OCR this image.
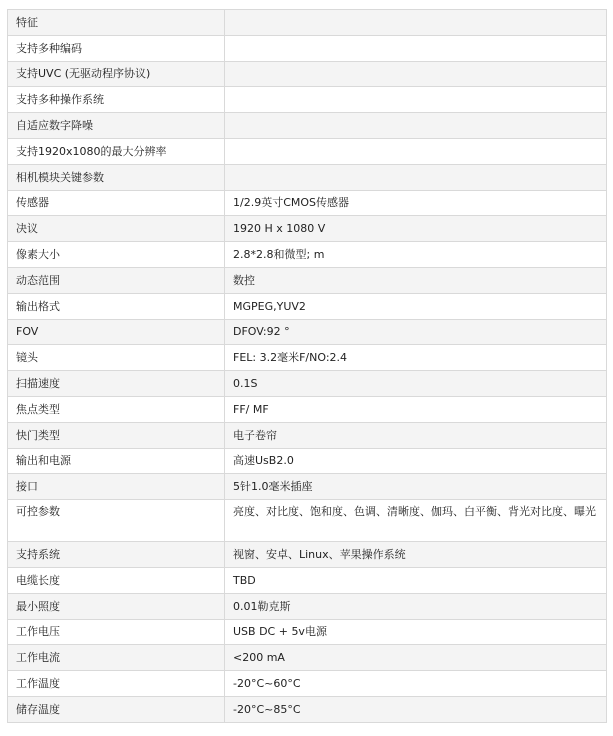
特征	
支持多种编码	
支持UVC (无驱动程序协议)	
支持多种操作系统	
自适应数字降噪	
支持1920x1080的最大分辨率	
相机模块关键参数	
传感器	1/2.9英寸CMOS传感器
决议	1920 H x 1080 V
像素大小	2.8*2.8和微型; m
动态范围	数控
输出格式	MGPEG,YUV2
FOV	DFOV:92 °
镜头	FEL: 3.2毫米F/NO:2.4
扫描速度	0.1S
焦点类型	FF/ MF
快门类型	电子卷帘
输出和电源	高速UsB2.0
接口	5针1.0毫米插座
可控参数	亮度、对比度、饱和度、色调、清晰度、伽玛、白平衡、背光对比度、曝光
支持系统	视窗、安卓、Linux、苹果操作系统
电缆长度	TBD
最小照度	0.01勒克斯
工作电压	USB DC + 5v电源
工作电流	<200 mA
工作温度	-20°C~60°C
储存温度	-20°C~85°C
